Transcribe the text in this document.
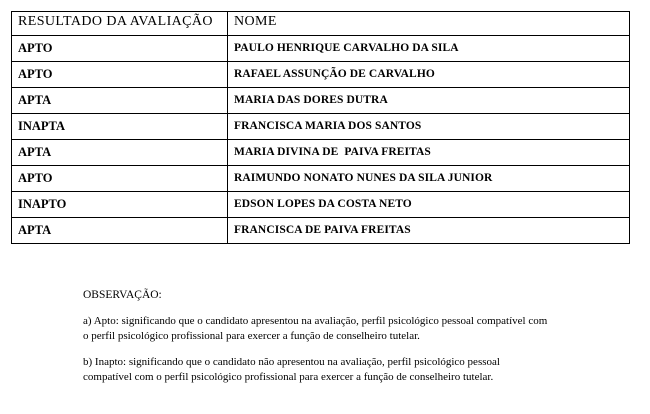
RESULTADO DA AVALIAÇÃO	NOME
APTO	PAULO HENRIQUE CARVALHO DA SILA
APTO	RAFAEL ASSUNÇÃO DE CARVALHO
APTA	MARIA DAS DORES DUTRA
INAPTA	FRANCISCA MARIA DOS SANTOS
APTA	MARIA DIVINA DE  PAIVA FREITAS
APTO	RAIMUNDO NONATO NUNES DA SILA JUNIOR
INAPTO	EDSON LOPES DA COSTA NETO
APTA	FRANCISCA DE PAIVA FREITAS

OBSERVAÇÃO:

a) Apto: significando que o candidato apresentou na avaliação, perfil psicológico pessoal compatível com
o perfil psicológico profissional para exercer a função de conselheiro tutelar.

b) Inapto: significando que o candidato não apresentou na avaliação, perfil psicológico pessoal
compatível com o perfil psicológico profissional para exercer a função de conselheiro tutelar.
